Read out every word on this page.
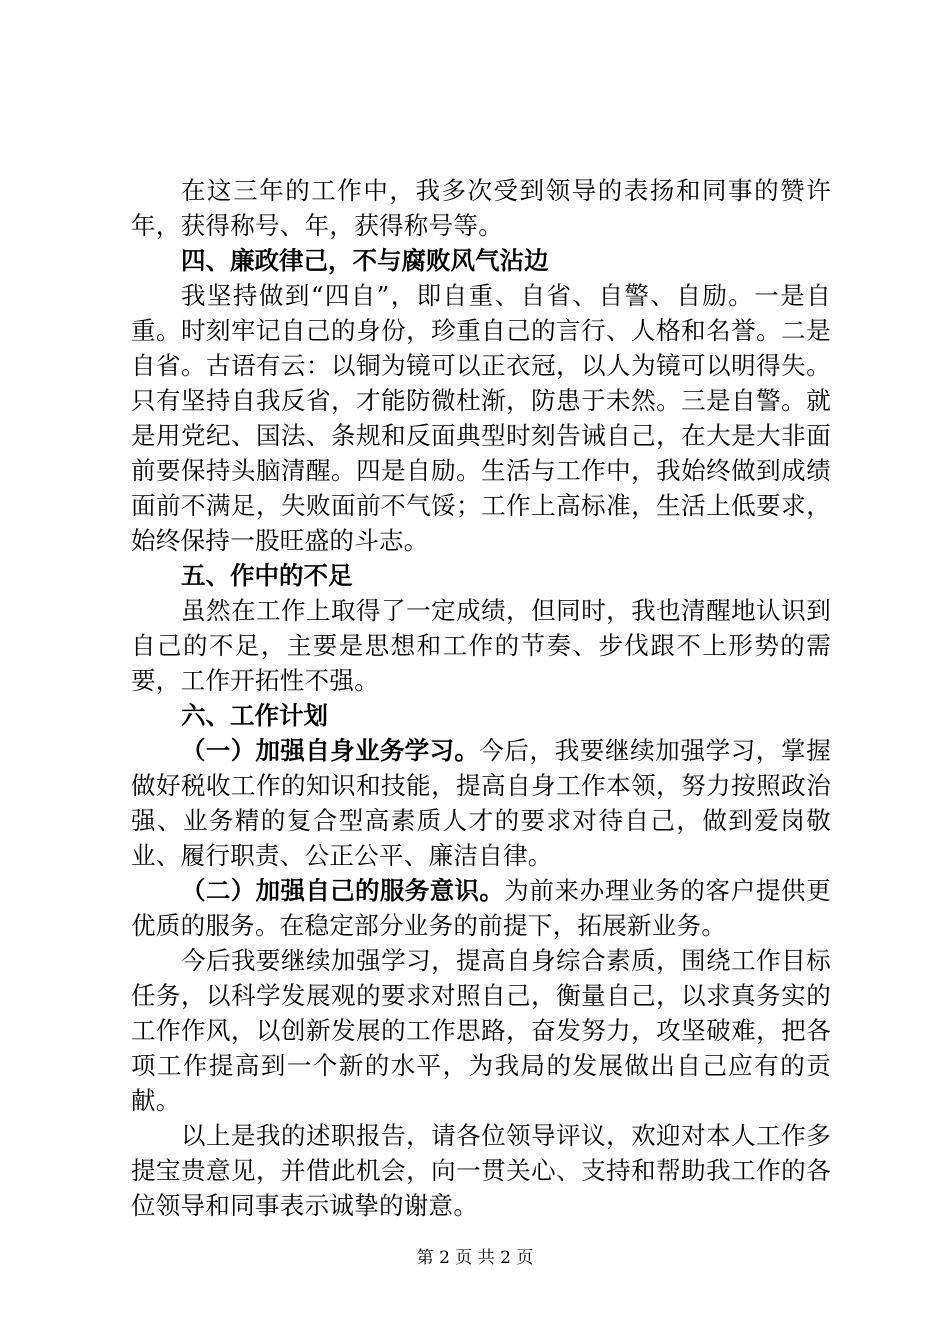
在这三年的工作中，我多次受到领导的表扬和同事的赞许年，获得称号、年，获得称号等。

四、廉政律己，不与腐败风气沾边

我坚持做到“四自”，即自重、自省、自警、自励。一是自重。时刻牢记自己的身份，珍重自己的言行、人格和名誉。二是自省。古语有云：以铜为镜可以正衣冠，以人为镜可以明得失。只有坚持自我反省，才能防微杜渐，防患于未然。三是自警。就是用党纪、国法、条规和反面典型时刻告诫自己，在大是大非面前要保持头脑清醒。四是自励。生活与工作中，我始终做到成绩面前不满足，失败面前不气馁；工作上高标准，生活上低要求，始终保持一股旺盛的斗志。

五、作中的不足

虽然在工作上取得了一定成绩，但同时，我也清醒地认识到自己的不足，主要是思想和工作的节奏、步伐跟不上形势的需要，工作开拓性不强。

六、工作计划

（一）加强自身业务学习。今后，我要继续加强学习，掌握做好税收工作的知识和技能，提高自身工作本领，努力按照政治强、业务精的复合型高素质人才的要求对待自己，做到爱岗敬业、履行职责、公正公平、廉洁自律。

（二）加强自己的服务意识。为前来办理业务的客户提供更优质的服务。在稳定部分业务的前提下，拓展新业务。

今后我要继续加强学习，提高自身综合素质，围绕工作目标任务，以科学发展观的要求对照自己，衡量自己，以求真务实的工作作风，以创新发展的工作思路，奋发努力，攻坚破难，把各项工作提高到一个新的水平，为我局的发展做出自己应有的贡献。

以上是我的述职报告，请各位领导评议，欢迎对本人工作多提宝贵意见，并借此机会，向一贯关心、支持和帮助我工作的各位领导和同事表示诚挚的谢意。

第 2 页 共 2 页
